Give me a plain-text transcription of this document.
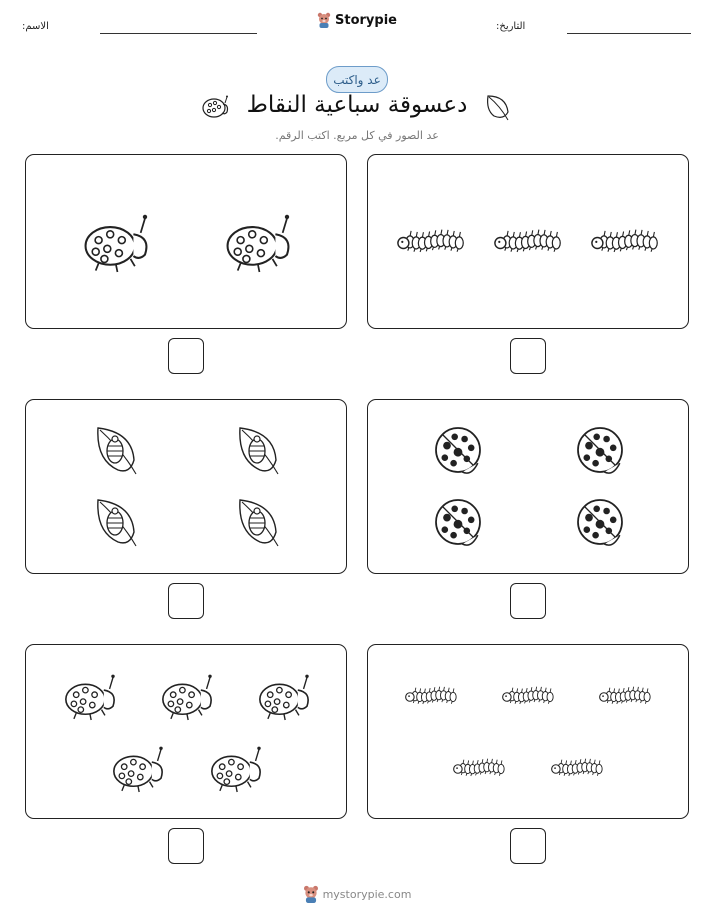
الاسم:	Storypie	التاريخ:
عد واكتب
دعسوقة سباعية النقاط
عد الصور في كل مربع. اكتب الرقم.
mystorypie.com
